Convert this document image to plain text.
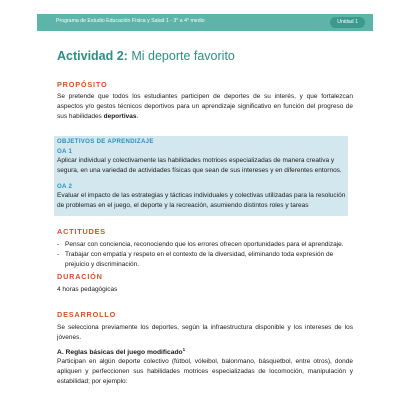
Programa de Estudio Educación Física y Salud 1 - 3° a 4° medio	Unidad 1
Actividad 2: Mi deporte favorito
PROPÓSITO

Se pretende que todos los estudiantes participen de deportes de su interés, y que fortalezcan aspectos y/o gestos técnicos deportivos para un aprendizaje significativo en función del progreso de sus habilidades deportivas.

OBJETIVOS DE APRENDIZAJE
OA 1

Aplicar individual y colectivamente las habilidades motrices especializadas de manera creativa y segura, en una variedad de actividades físicas que sean de sus intereses y en diferentes entornos.

OA 2

Evaluar el impacto de las estrategias y tácticas individuales y colectivas utilizadas para la resolución de problemas en el juego, el deporte y la recreación, asumiendo distintos roles y tareas

ACTITUDES
- Pensar con conciencia, reconociendo que los errores ofrecen oportunidades para el aprendizaje.
- Trabajar con empatía y respeto en el contexto de la diversidad, eliminando toda expresión de prejuicio y discriminación.
DURACIÓN

4 horas pedagógicas

DESARROLLO

Se selecciona previamente los deportes, según la infraestructura disponible y los intereses de los jóvenes.

A. Reglas básicas del juego modificado$^1$

Participan en algún deporte colectivo (fútbol, vóleibol, balonmano, básquetbol, entre otros), donde apliquen y perfeccionen sus habilidades motrices especializadas de locomoción, manipulación y estabilidad; por ejemplo:
